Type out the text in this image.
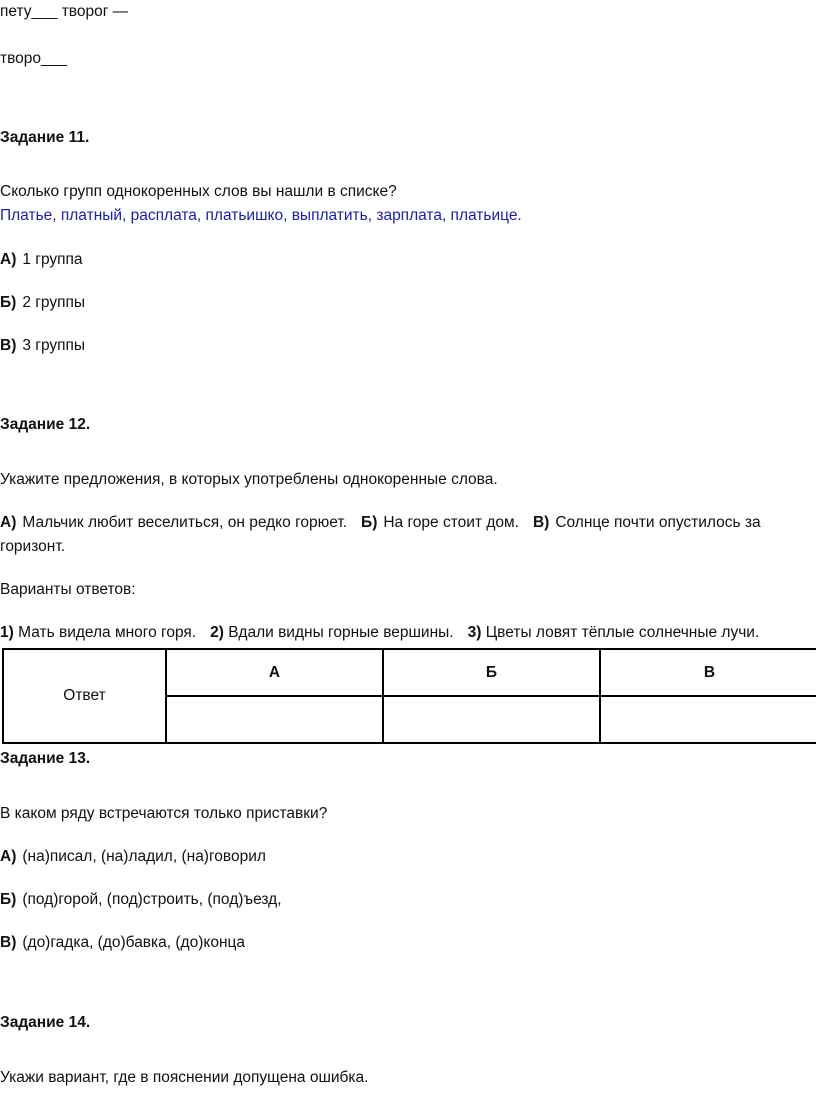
пету___ творог —
творо___
Задание 11.
Сколько групп однокоренных слов вы нашли в списке?
Платье, платный, расплата, платьишко, выплатить, зарплата, платьице.
А) 1 группа
Б) 2 группы
В) 3 группы
Задание 12.
Укажите предложения, в которых употреблены однокоренные слова.
А) Мальчик любит веселиться, он редко горюет. Б) На горе стоит дом. В) Солнце почти опустилось за
горизонт.
Варианты ответов:
1) Мать видела много горя. 2) Вдали видны горные вершины. 3) Цветы ловят тёплые солнечные лучи.
Ответ	А	Б	В

Задание 13.
В каком ряду встречаются только приставки?
А) (на)писал, (на)ладил, (на)говорил
Б) (под)горой, (под)строить, (под)ъезд,
В) (до)гадка, (до)бавка, (до)конца
Задание 14.
Укажи вариант, где в пояснении допущена ошибка.
